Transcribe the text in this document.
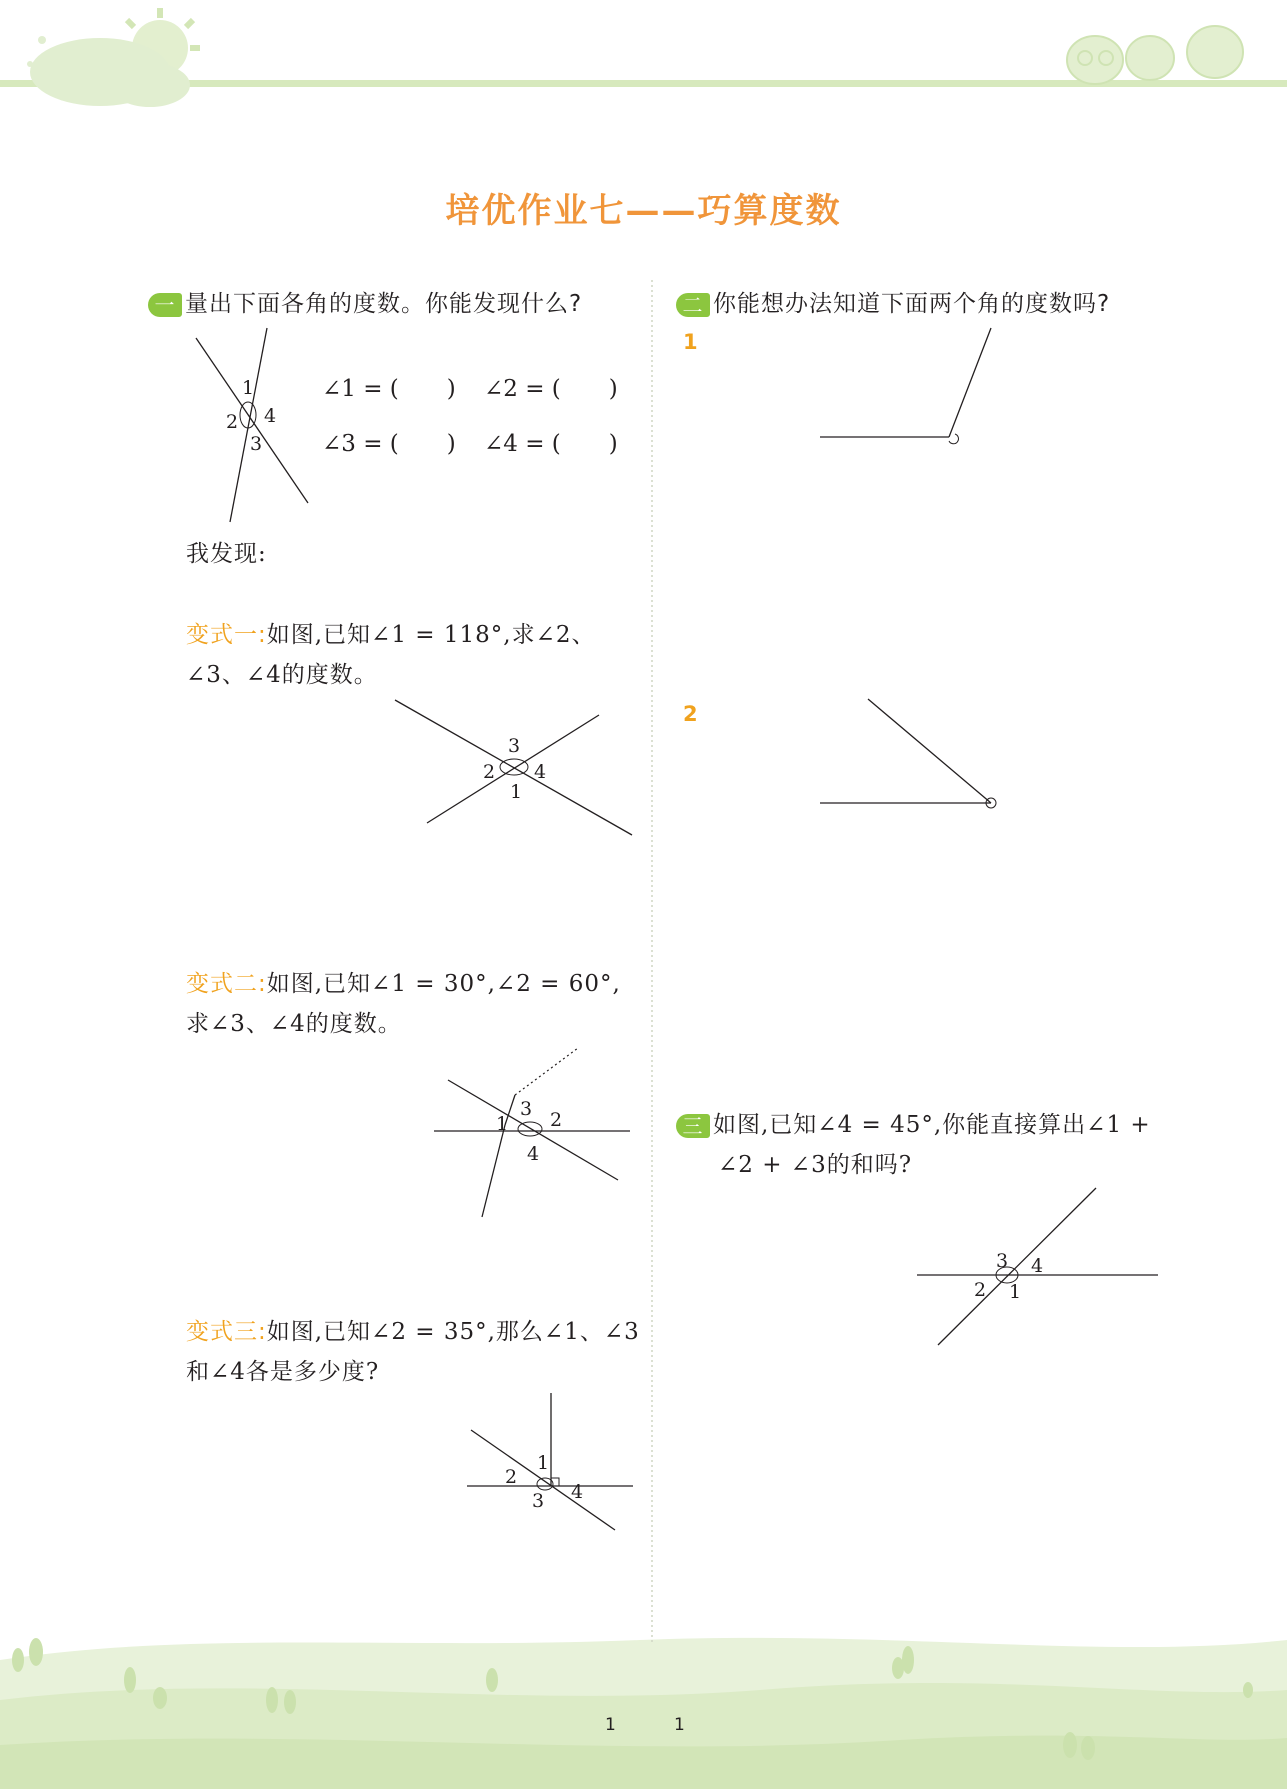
培优作业七——巧算度数
一 量出下面各角的度数。你能发现什么?
1
2
3
4
∠1 = ( ) ∠2 = ( )
∠3 = ( ) ∠4 = ( )
我发现:
变式一:如图,已知∠1 = 118°,求∠2、
∠3、∠4的度数。
3
2 4
1
变式二:如图,已知∠1 = 30°,∠2 = 60°,
求∠3、∠4的度数。
3
1 2
4
变式三:如图,已知∠2 = 35°,那么∠1、∠3
和∠4各是多少度?
1
2
3 4
二 你能想办法知道下面两个角的度数吗?
1
2
三 如图,已知∠4 = 45°,你能直接算出∠1 +
∠2 + ∠3的和吗?
3 4
2 1
1	1
